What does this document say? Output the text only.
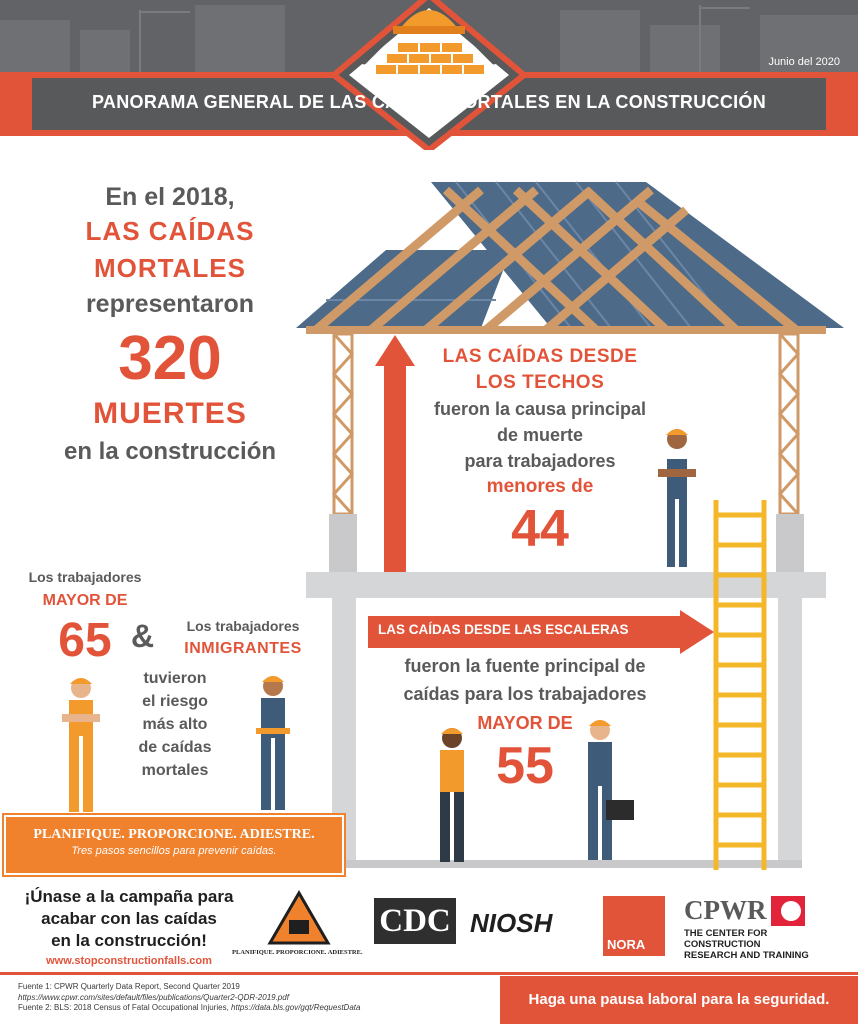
Junio del 2020
PANORAMA GENERAL DE LAS CAÍDAS MORTALES EN LA CONSTRUCCIÓN
LAS CAÍDAS DESDE LAS ESCALERAS
En el 2018,
LAS CAÍDAS
MORTALES
representaron
320
MUERTES
en la construcción
LAS CAÍDAS DESDE
LOS TECHOS
fueron la causa principal
de muerte
para trabajadores
menores de
44
fueron la fuente principal de
caídas para los trabajadores
MAYOR DE
55
Los trabajadores
MAYOR DE
65 &	Los trabajadores
INMIGRANTES
tuvieron
el riesgo
más alto
de caídas
mortales
PLANIFIQUE. PROPORCIONE. ADIESTRE.
Tres pasos sencillos para prevenir caídas.
¡Únase a la campaña para
acabar con las caídas
en la construcción!
www.stopconstructionfalls.com
PLANIFIQUE. PROPORCIONE. ADIESTRE.
CDC NIOSH
NORA
CPWR
THE CENTER FOR CONSTRUCTION
RESEARCH AND TRAINING
Fuente 1: CPWR Quarterly Data Report, Second Quarter 2019
https://www.cpwr.com/sites/default/files/publications/Quarter2-QDR-2019.pdf
Fuente 2: BLS: 2018 Census of Fatal Occupational Injuries, https://data.bls.gov/gqt/RequestData	Haga una pausa laboral para la seguridad.
